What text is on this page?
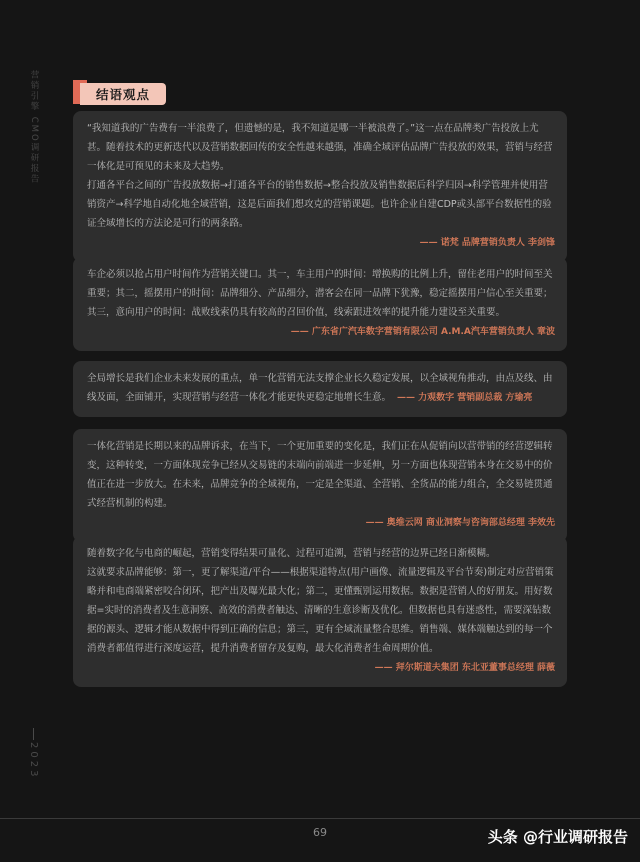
营销引擎 CMO调研报告
2023
结语观点

“我知道我的广告费有一半浪费了，但遗憾的是，我不知道是哪一半被浪费了。”这一点在品牌类广告投放上尤甚。随着技术的更新迭代以及营销数据回传的安全性越来越强，准确全域评估品牌广告投放的效果，营销与经营一体化是可预见的未来及大趋势。

打通各平台之间的广告投放数据→打通各平台的销售数据→整合投放及销售数据后科学归因→科学管理并使用营销资产→科学地自动化地全域营销，这是后面我们想攻克的营销课题。也许企业自建CDP或头部平台数据性的验证全域增长的方法论是可行的两条路。

—— 诺梵 品牌营销负责人 李剑锋

车企必须以抢占用户时间作为营销关键口。其一，车主用户的时间：增换购的比例上升，留住老用户的时间至关重要；其二，摇摆用户的时间：品牌细分、产品细分，潜客会在同一品牌下犹豫，稳定摇摆用户信心至关重要；其三，意向用户的时间：战败线索仍具有较高的召回价值，线索跟进效率的提升能力建设至关重要。

—— 广东省广汽车数字营销有限公司 A.M.A汽车营销负责人 章波

全局增长是我们企业未来发展的重点，单一化营销无法支撑企业长久稳定发展，以全域视角推动，由点及线、由线及面，全面铺开，实现营销与经营一体化才能更快更稳定地增长生意。 —— 力观数字 营销副总裁 方瑜亮

一体化营销是长期以来的品牌诉求，在当下，一个更加重要的变化是，我们正在从促销向以营带销的经营逻辑转变，这种转变，一方面体现竞争已经从交易链的末端向前端进一步延伸，另一方面也体现营销本身在交易中的价值正在进一步放大。在未来，品牌竞争的全域视角，一定是全渠道、全营销、全货品的能力组合，全交易链贯通式经营机制的构建。

—— 奥维云网 商业洞察与咨询部总经理 李效先

随着数字化与电商的崛起，营销变得结果可量化、过程可追溯，营销与经营的边界已经日渐模糊。

这就要求品牌能够：第一，更了解渠道/平台——根据渠道特点(用户画像、流量逻辑及平台节奏)制定对应营销策略并和电商端紧密咬合闭环，把产出及曝光最大化；第二，更懂甄别运用数据。数据是营销人的好朋友。用好数据=实时的消费者及生意洞察、高效的消费者触达、清晰的生意诊断及优化。但数据也具有迷惑性，需要深钻数据的源头、逻辑才能从数据中得到正确的信息；第三，更有全域流量整合思维。销售端、媒体端触达到的每一个消费者都值得进行深度运营，提升消费者留存及复购，最大化消费者生命周期价值。

—— 拜尔斯道夫集团 东北亚董事总经理 薛薇
69	头条 @行业调研报告
